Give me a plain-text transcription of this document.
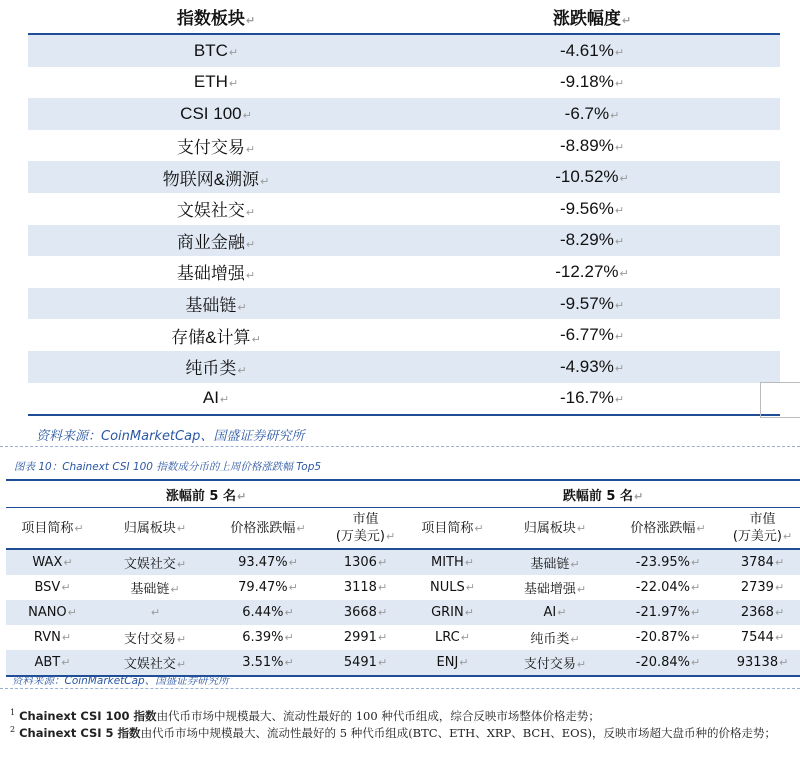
指数板块↵	涨跌幅度↵
BTC↵	-4.61%↵
ETH↵	-9.18%↵
CSI 100↵	-6.7%↵
支付交易↵	-8.89%↵
物联网&溯源↵	-10.52%↵
文娱社交↵	-9.56%↵
商业金融↵	-8.29%↵
基础增强↵	-12.27%↵
基础链↵	-9.57%↵
存储&计算↵	-6.77%↵
纯币类↵	-4.93%↵
AI↵	-16.7%↵
资料来源：CoinMarketCap、国盛证券研究所
图表 10：Chainext CSI 100 指数成分币的上周价格涨跌幅 Top5
涨幅前 5 名↵				跌幅前 5 名↵			
项目简称↵	归属板块↵	价格涨跌幅↵	市值
(万美元)↵	项目简称↵	归属板块↵	价格涨跌幅↵	市值
(万美元)↵
WAX↵	文娱社交↵	93.47%↵	1306↵	MITH↵	基础链↵	-23.95%↵	3784↵
BSV↵	基础链↵	79.47%↵	3118↵	NULS↵	基础增强↵	-22.04%↵	2739↵
NANO↵	↵	6.44%↵	3668↵	GRIN↵	AI↵	-21.97%↵	2368↵
RVN↵	支付交易↵	6.39%↵	2991↵	LRC↵	纯币类↵	-20.87%↵	7544↵
ABT↵	文娱社交↵	3.51%↵	5491↵	ENJ↵	支付交易↵	-20.84%↵	93138↵
资料来源：CoinMarketCap、国盛证券研究所
$^1$ Chainext CSI 100 指数由代币市场中规模最大、流动性最好的 100 种代币组成，综合反映市场整体价格走势；
$^2$ Chainext CSI 5 指数由代币市场中规模最大、流动性最好的 5 种代币组成(BTC、ETH、XRP、BCH、EOS)，反映市场超大盘币种的价格走势；
